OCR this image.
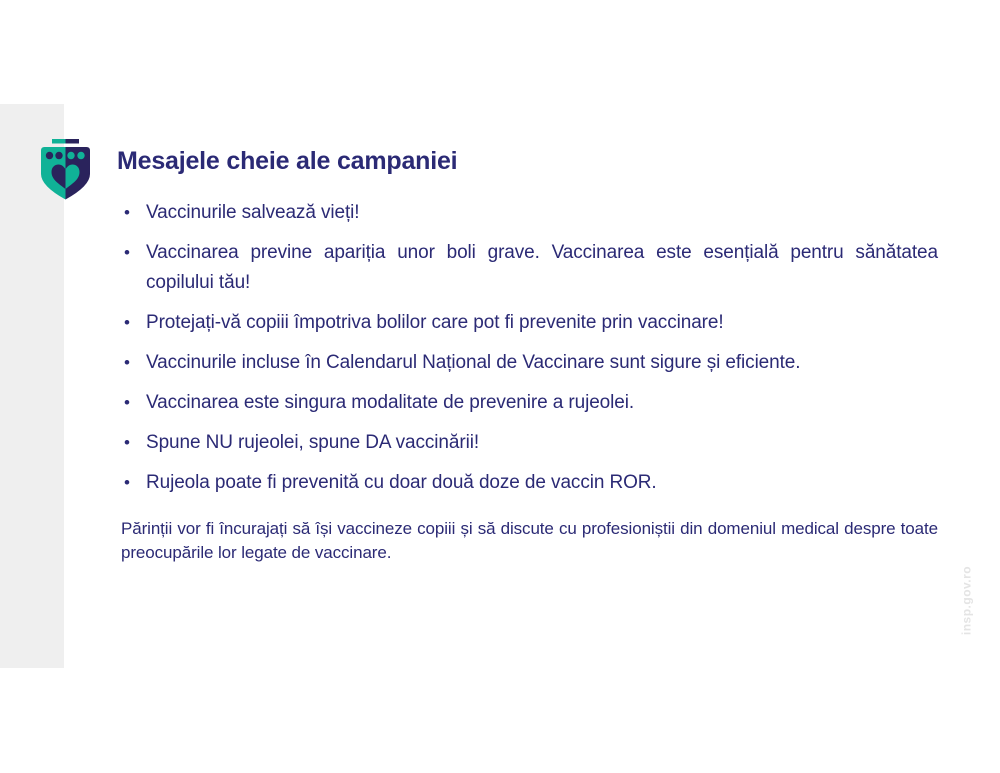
Mesajele cheie ale campaniei
• Vaccinurile salvează vieți!
• Vaccinarea previne apariția unor boli grave. Vaccinarea este esențială pentru sănătatea copilului tău!
• Protejați-vă copiii împotriva bolilor care pot fi prevenite prin vaccinare!
• Vaccinurile incluse în Calendarul Național de Vaccinare sunt sigure și eficiente.
• Vaccinarea este singura modalitate de prevenire a rujeolei.
• Spune NU rujeolei, spune DA vaccinării!
• Rujeola poate fi prevenită cu doar două doze de vaccin ROR.

Părinții vor fi încurajați să își vaccineze copiii și să discute cu profesioniștii din domeniul medical despre toate preocupările lor legate de vaccinare.

insp.gov.ro
